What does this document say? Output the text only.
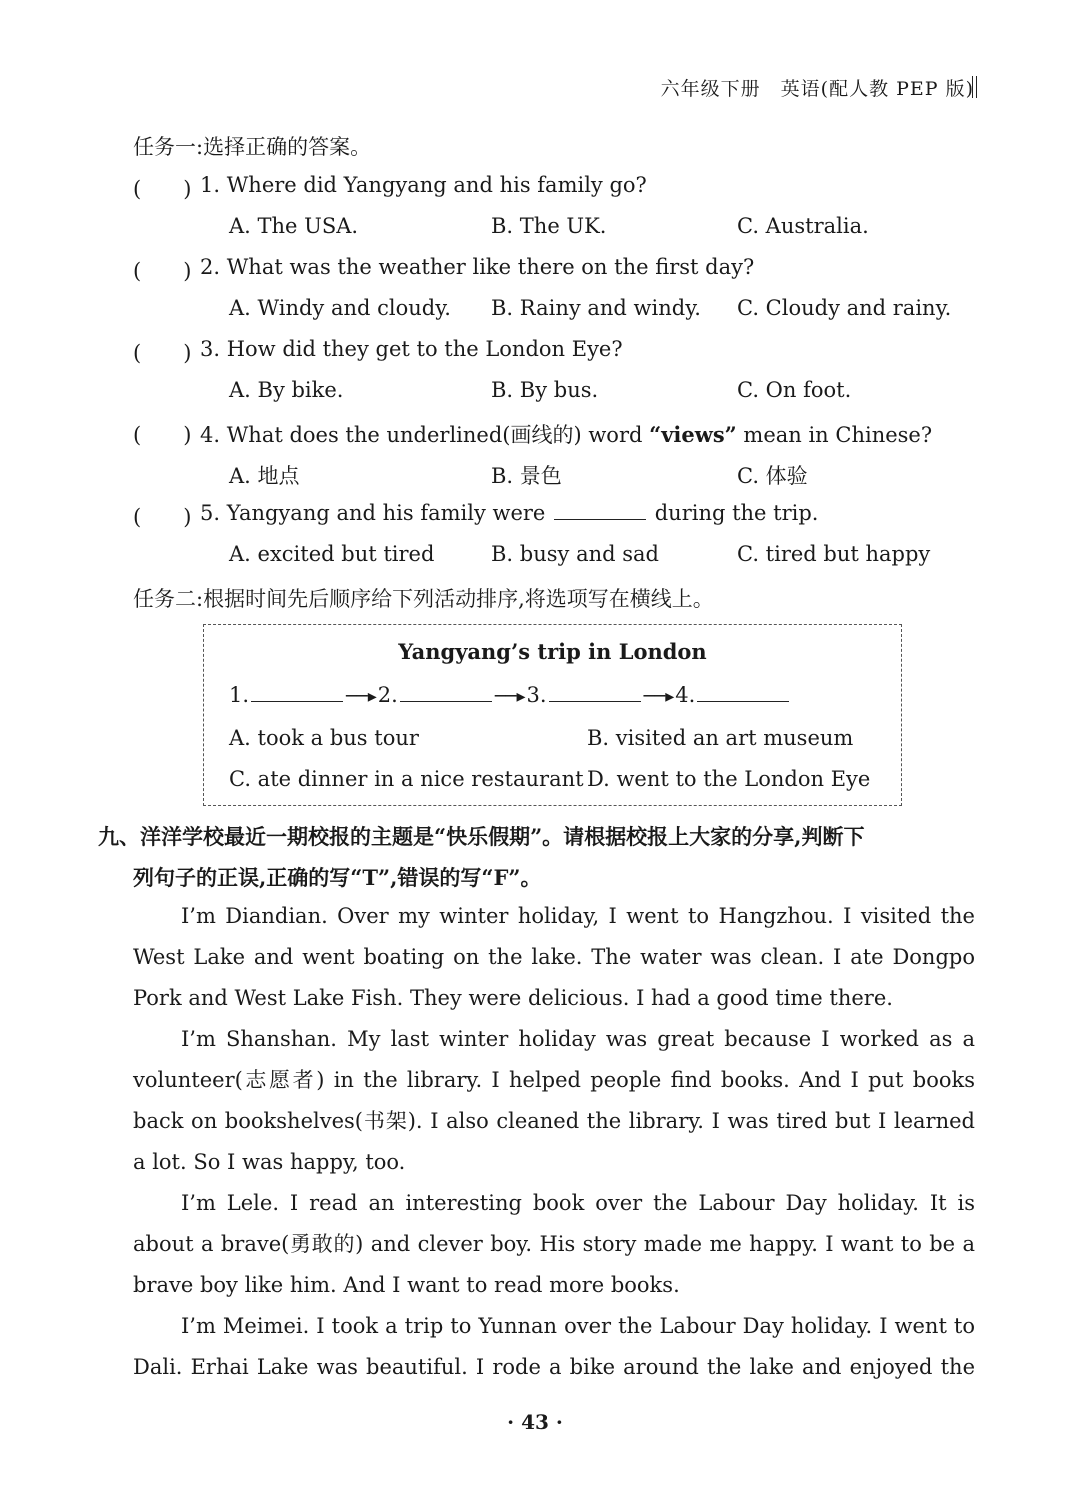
六年级下册　英语(配人教 PEP 版)
任务一:选择正确的答案。
(　　) 1. Where did Yangyang and his family go?
A. The USA.	B. The UK.	C. Australia.
(　　) 2. What was the weather like there on the first day?
A. Windy and cloudy. B. Rainy and windy. C. Cloudy and rainy.
(　　) 3. How did they get to the London Eye?
A. By bike.	B. By bus.	C. On foot.
(　　) 4. What does the underlined(画线的) word “views” mean in Chinese?
A. 地点	B. 景色	C. 体验
(　　) 5. Yangyang and his family were	during the trip.
A. excited but tired	B. busy and sad	C. tired but happy
任务二:根据时间先后顺序给下列活动排序,将选项写在横线上。
Yangyang’s trip in London
1.	──▸2.	──▸3.	──▸4.
A. took a bus tour	B. visited an art museum
C. ate dinner in a nice restaurant D. went to the London Eye
九、洋洋学校最近一期校报的主题是“快乐假期”。请根据校报上大家的分享,判断下
列句子的正误,正确的写“T”,错误的写“F”。

I’m Diandian. Over my winter holiday, I went to Hangzhou. I visited the West Lake and went boating on the lake. The water was clean. I ate Dongpo Pork and West Lake Fish. They were delicious. I had a good time there.

I’m Shanshan. My last winter holiday was great because I worked as a volunteer(志愿者) in the library. I helped people find books. And I put books back on bookshelves(书架). I also cleaned the library. I was tired but I learned a lot. So I was happy, too.

I’m Lele. I read an interesting book over the Labour Day holiday. It is about a brave(勇敢的) and clever boy. His story made me happy. I want to be a brave boy like him. And I want to read more books.

I’m Meimei. I took a trip to Yunnan over the Labour Day holiday. I went to Dali. Erhai Lake was beautiful. I rode a bike around the lake and enjoyed the

· 43 ·
